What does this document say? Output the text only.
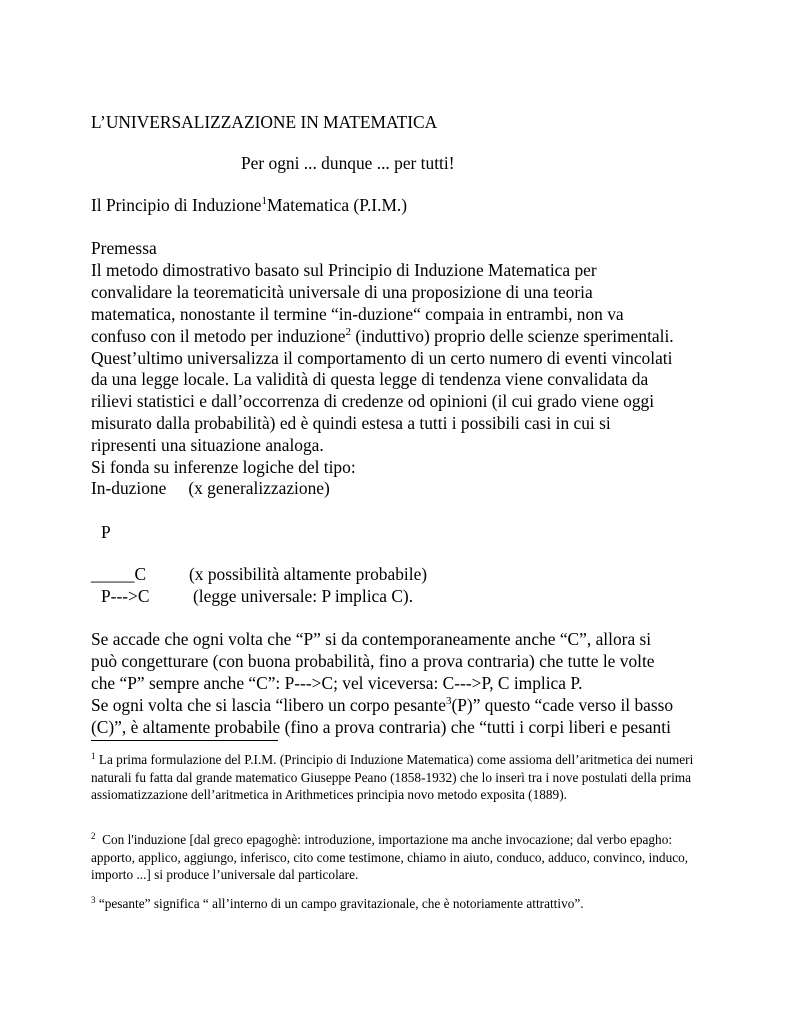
L’UNIVERSALIZZAZIONE IN MATEMATICA
Per ogni ... dunque ... per tutti!
Il Principio di Induzione$^1$Matematica (P.I.M.)
Premessa
Il metodo dimostrativo basato sul Principio di Induzione Matematica per
convalidare la teorematicità universale di una proposizione di una teoria
matematica, nonostante il termine “in-duzione“ compaia in entrambi, non va
confuso con il metodo per induzione$^2$ (induttivo) proprio delle scienze sperimentali.
Quest’ultimo universalizza il comportamento di un certo numero di eventi vincolati
da una legge locale. La validità di questa legge di tendenza viene convalidata da
rilievi statistici e dall’occorrenza di credenze od opinioni (il cui grado viene oggi
misurato dalla probabilità) ed è quindi estesa a tutti i possibili casi in cui si
ripresenti una situazione analoga.
Si fonda su inferenze logiche del tipo:
In-duzione (x generalizzazione)
P
_____C (x possibilità altamente probabile)
P--->C	(legge universale: P implica C).
Se accade che ogni volta che “P” si da contemporaneamente anche “C”, allora si
può congetturare (con buona probabilità, fino a prova contraria) che tutte le volte
che “P” sempre anche “C”: P--->C; vel viceversa: C--->P, C implica P.
Se ogni volta che si lascia “libero un corpo pesante$^3$(P)” questo “cade verso il basso
(C)”, è altamente probabile (fino a prova contraria) che “tutti i corpi liberi e pesanti
$^1$ La prima formulazione del P.I.M. (Principio di Induzione Matematica) come assioma dell’aritmetica dei numeri naturali fu fatta dal grande matematico Giuseppe Peano (1858-1932) che lo inserì tra i nove postulati della prima assiomatizzazione dell’aritmetica in Arithmetices principia novo metodo exposita (1889).
$^2$ Con l'induzione [dal greco epagoghè: introduzione, importazione ma anche invocazione; dal verbo epagho: apporto, applico, aggiungo, inferisco, cito come testimone, chiamo in aiuto, conduco, adduco, convinco, induco, importo ...] si produce l’universale dal particolare.
$^3$ “pesante” significa “ all’interno di un campo gravitazionale, che è notoriamente attrattivo”.
